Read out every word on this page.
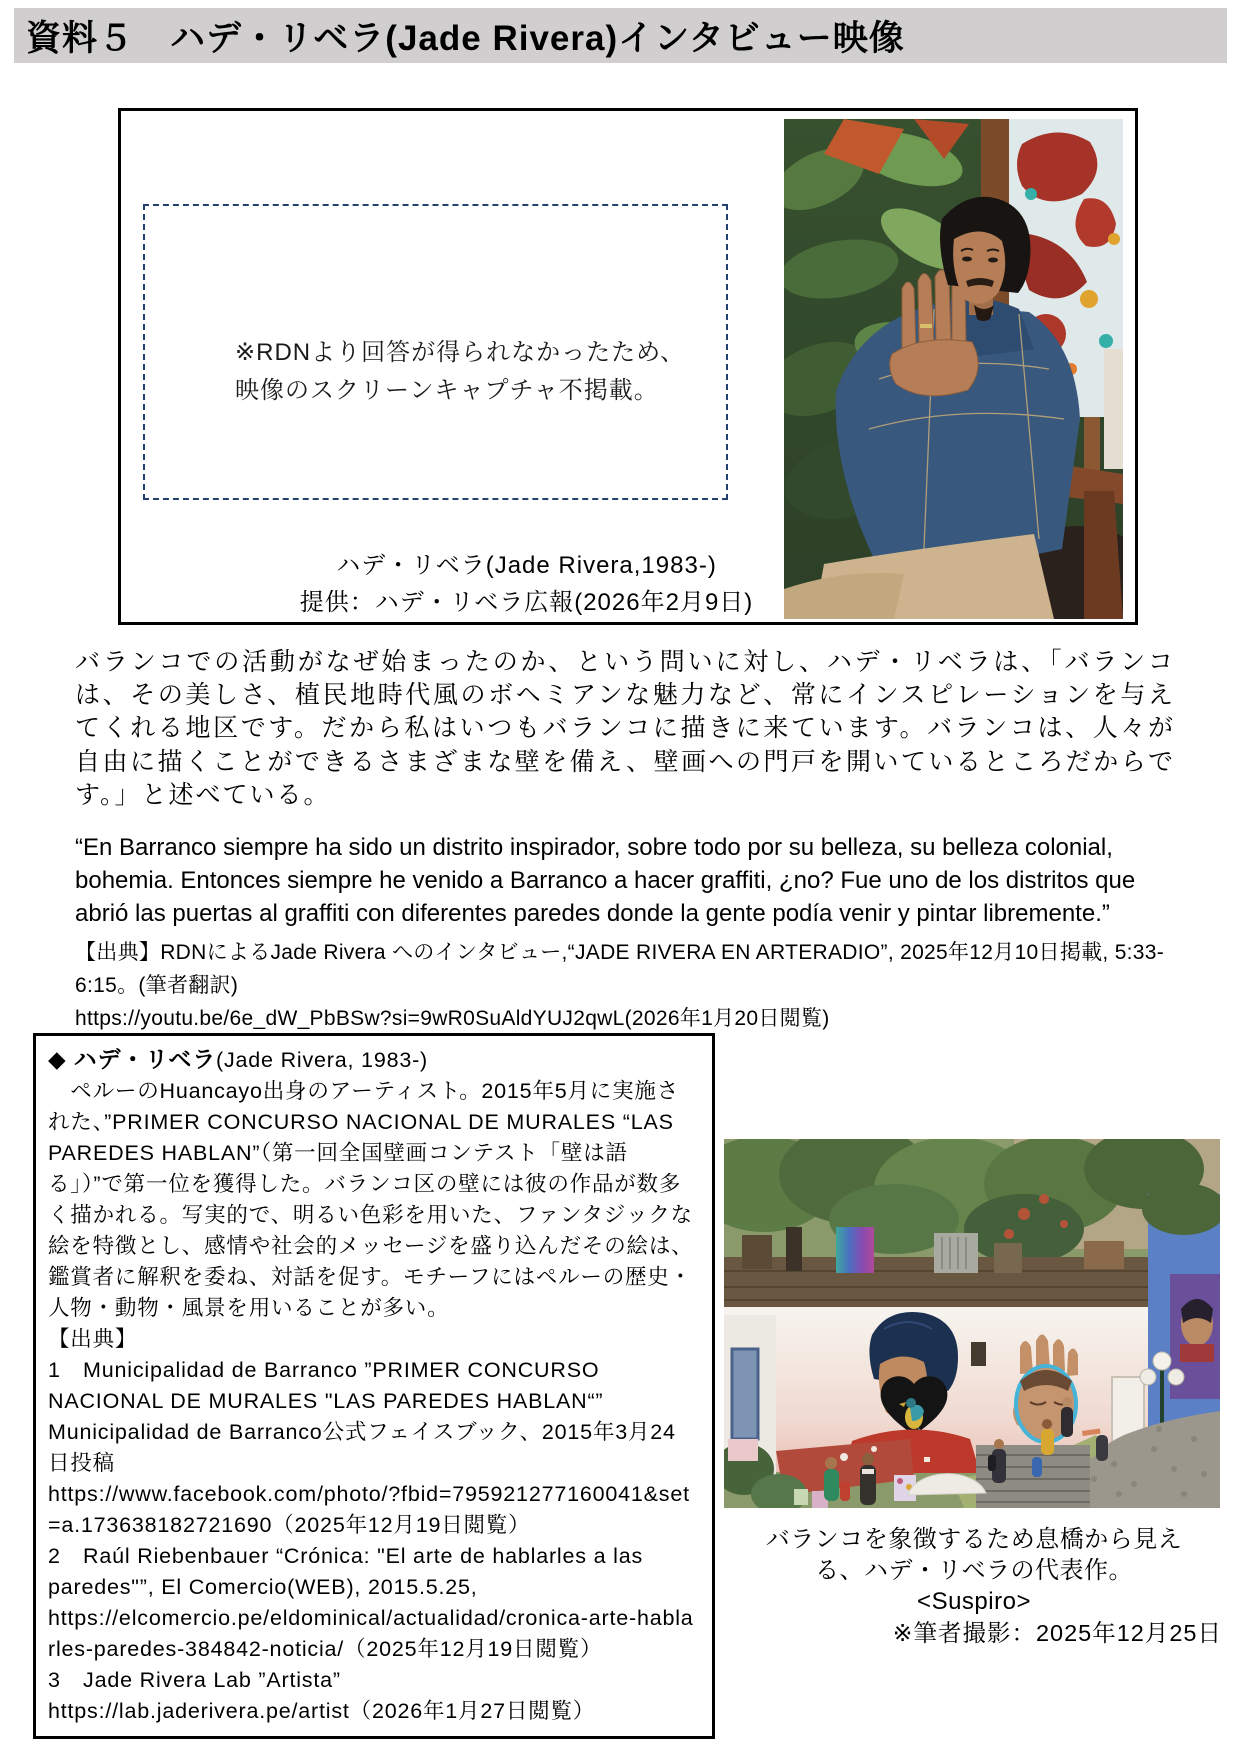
資料５　ハデ・リベラ(Jade Rivera)インタビュー映像
※RDNより回答が得られなかったため、
映像のスクリーンキャプチャ不掲載。
ハデ・リベラ(Jade Rivera,1983-)
提供：ハデ・リベラ広報(2026年2月9日)
バランコでの活動がなぜ始まったのか、という問いに対し、ハデ・リベラは、「バランコは、その美しさ、植民地時代風のボヘミアンな魅力など、常にインスピレーションを与えてくれる地区です。だから私はいつもバランコに描きに来ています。バランコは、人々が自由に描くことができるさまざまな壁を備え、壁画への門戸を開いているところだからです。」と述べている。
“En Barranco siempre ha sido un distrito inspirador, sobre todo por su belleza, su belleza colonial, bohemia. Entonces siempre he venido a Barranco a hacer graffiti, ¿no? Fue uno de los distritos que abrió las puertas al graffiti con diferentes paredes donde la gente podía venir y pintar libremente.”
【出典】RDNによるJade Rivera へのインタビュー,“JADE RIVERA EN ARTERADIO”, 2025年12月10日掲載, 5:33-6:15。(筆者翻訳)
https://youtu.be/6e_dW_PbBSw?si=9wR0SuAldYUJ2qwL(2026年1月20日閲覧)
◆ ハデ・リベラ(Jade Rivera, 1983-)
　ペルーのHuancayo出身のアーティスト。2015年5月に実施された、”PRIMER CONCURSO NACIONAL DE MURALES “LAS PAREDES HABLAN”（第一回全国壁画コンテスト「壁は語る」）”で第一位を獲得した。バランコ区の壁には彼の作品が数多く描かれる。写実的で、明るい色彩を用いた、ファンタジックな絵を特徴とし、感情や社会的メッセージを盛り込んだその絵は、鑑賞者に解釈を委ね、対話を促す。モチーフにはペルーの歴史・人物・動物・風景を用いることが多い。
【出典】
1　Municipalidad de Barranco ”PRIMER CONCURSO NACIONAL DE MURALES "LAS PAREDES HABLAN“” Municipalidad de Barranco公式フェイスブック、2015年3月24日投稿
https://www.facebook.com/photo/?fbid=795921277160041&set=a.173638182721690（2025年12月19日閲覧）
2　Raúl Riebenbauer “Crónica: "El arte de hablarles a las paredes"”, El Comercio(WEB), 2015.5.25,
https://elcomercio.pe/eldominical/actualidad/cronica-arte-hablarles-paredes-384842-noticia/（2025年12月19日閲覧）
3　Jade Rivera Lab ”Artista”
https://lab.jaderivera.pe/artist（2026年1月27日閲覧）
バランコを象徴するため息橋から見える、ハデ・リベラの代表作。<Suspiro>
※筆者撮影：2025年12月25日
